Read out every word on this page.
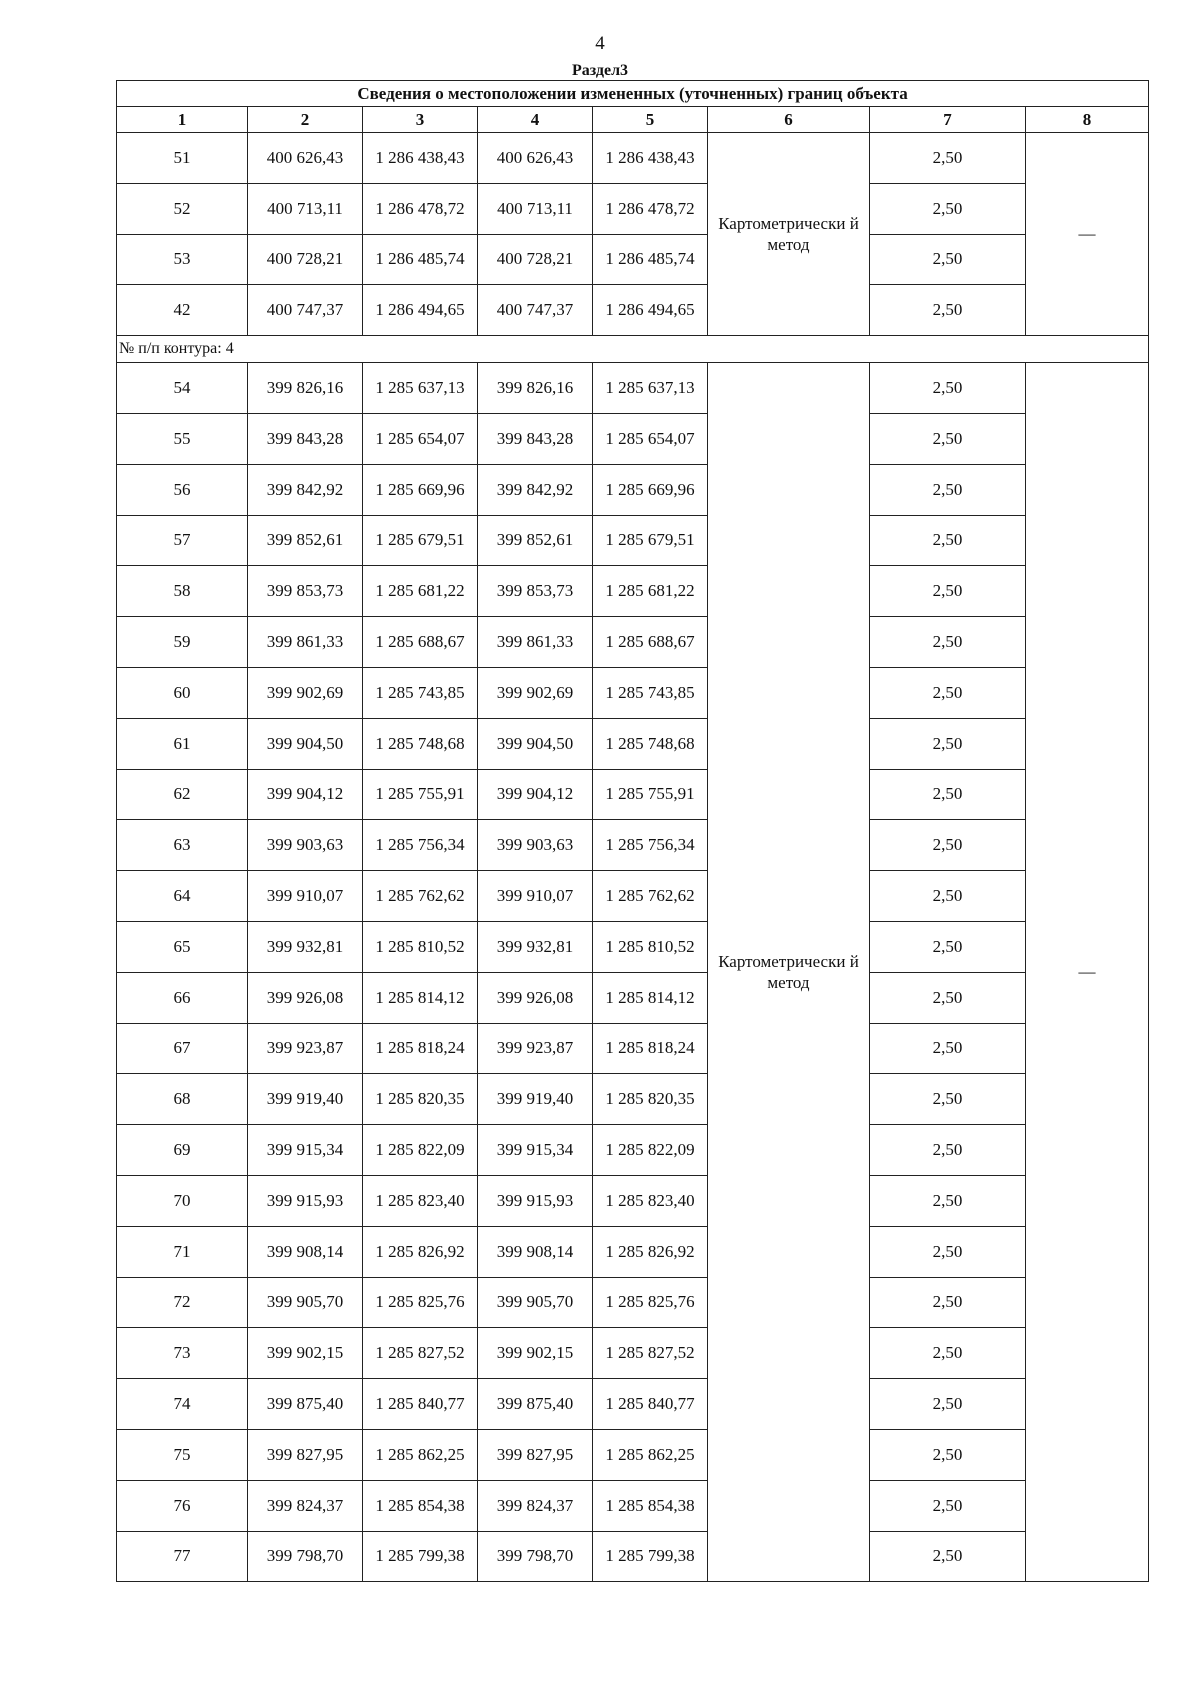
4
Раздел3
Сведения о местоположении измененных (уточненных) границ объекта							
1	2	3	4	5	6	7	8
51	400 626,43	1 286 438,43	400 626,43	1 286 438,43	Картометрически й метод	2,50	—
52	400 713,11	1 286 478,72	400 713,11	1 286 478,72		2,50	
53	400 728,21	1 286 485,74	400 728,21	1 286 485,74		2,50	
42	400 747,37	1 286 494,65	400 747,37	1 286 494,65		2,50	
№ п/п контура: 4							
54	399 826,16	1 285 637,13	399 826,16	1 285 637,13	Картометрически й метод	2,50	—
55	399 843,28	1 285 654,07	399 843,28	1 285 654,07		2,50	
56	399 842,92	1 285 669,96	399 842,92	1 285 669,96		2,50	
57	399 852,61	1 285 679,51	399 852,61	1 285 679,51		2,50	
58	399 853,73	1 285 681,22	399 853,73	1 285 681,22		2,50	
59	399 861,33	1 285 688,67	399 861,33	1 285 688,67		2,50	
60	399 902,69	1 285 743,85	399 902,69	1 285 743,85		2,50	
61	399 904,50	1 285 748,68	399 904,50	1 285 748,68		2,50	
62	399 904,12	1 285 755,91	399 904,12	1 285 755,91		2,50	
63	399 903,63	1 285 756,34	399 903,63	1 285 756,34		2,50	
64	399 910,07	1 285 762,62	399 910,07	1 285 762,62		2,50	
65	399 932,81	1 285 810,52	399 932,81	1 285 810,52		2,50	
66	399 926,08	1 285 814,12	399 926,08	1 285 814,12		2,50	
67	399 923,87	1 285 818,24	399 923,87	1 285 818,24		2,50	
68	399 919,40	1 285 820,35	399 919,40	1 285 820,35		2,50	
69	399 915,34	1 285 822,09	399 915,34	1 285 822,09		2,50	
70	399 915,93	1 285 823,40	399 915,93	1 285 823,40		2,50	
71	399 908,14	1 285 826,92	399 908,14	1 285 826,92		2,50	
72	399 905,70	1 285 825,76	399 905,70	1 285 825,76		2,50	
73	399 902,15	1 285 827,52	399 902,15	1 285 827,52		2,50	
74	399 875,40	1 285 840,77	399 875,40	1 285 840,77		2,50	
75	399 827,95	1 285 862,25	399 827,95	1 285 862,25		2,50	
76	399 824,37	1 285 854,38	399 824,37	1 285 854,38		2,50	
77	399 798,70	1 285 799,38	399 798,70	1 285 799,38		2,50	
